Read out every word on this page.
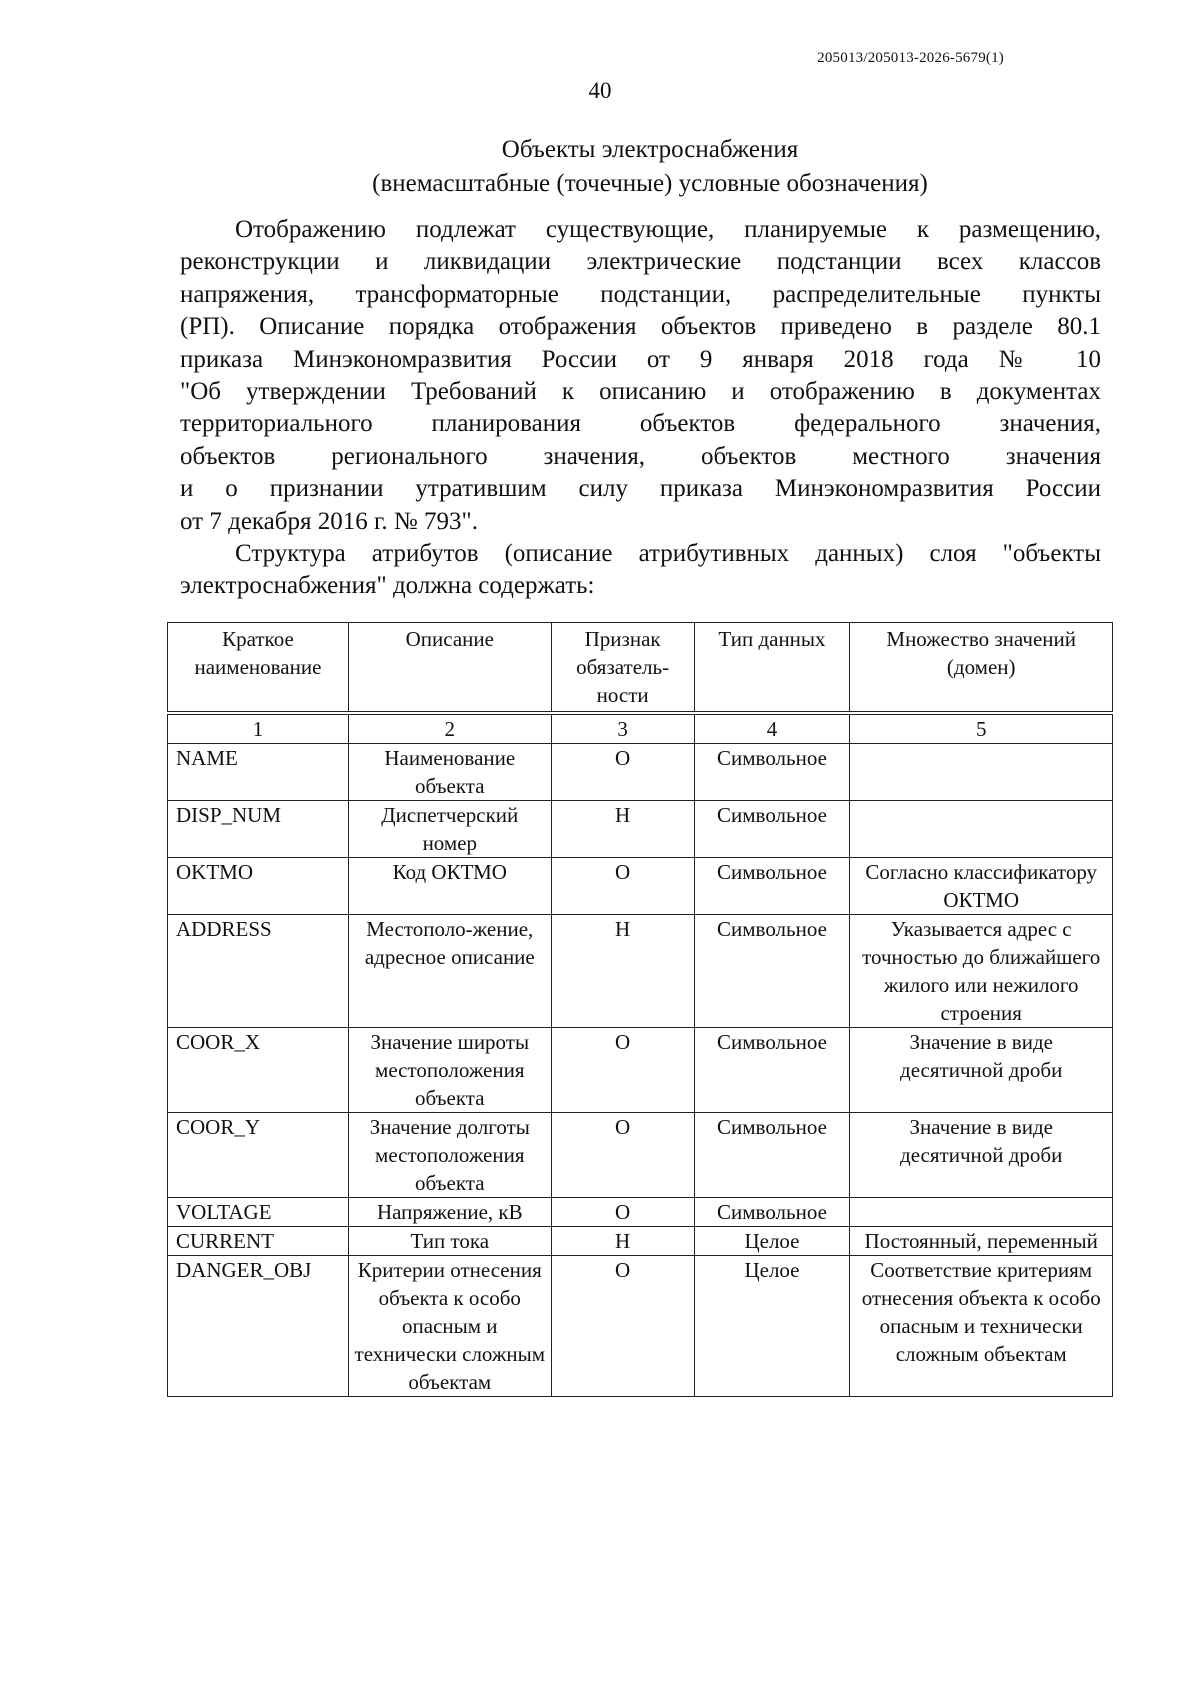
205013/205013-2026-5679(1)
40
Объекты электроснабжения
(внемасштабные (точечные) условные обозначения)

Отображению подлежат существующие, планируемые к размещению,
реконструкции и ликвидации электрические подстанции всех классов
напряжения, трансформаторные подстанции, распределительные пункты
(РП). Описание порядка отображения объектов приведено в разделе 80.1
приказа Минэкономразвития России от 9 января 2018 года № 10
"Об утверждении Требований к описанию и отображению в документах
территориального планирования объектов федерального значения,
объектов регионального значения, объектов местного значения
и о признании утратившим силу приказа Минэкономразвития России
от 7 декабря 2016 г. № 793".

Структура атрибутов (описание атрибутивных данных) слоя "объекты
электроснабжения" должна содержать:

Краткое наименование	Описание	Признак обязатель-ности	Тип данных	Множество значений (домен)
1	2	3	4	5
NAME	Наименование объекта	О	Символьное	
DISP_NUM	Диспетчерский номер	Н	Символьное	
OKTMO	Код ОКТМО	О	Символьное	Согласно классификатору ОКТМО
ADDRESS	Местополо-жение, адресное описание	Н	Символьное	Указывается адрес с точностью до ближайшего жилого или нежилого строения
COOR_X	Значение широты местоположения объекта	О	Символьное	Значение в виде десятичной дроби
COOR_Y	Значение долготы местоположения объекта	О	Символьное	Значение в виде десятичной дроби
VOLTAGE	Напряжение, кВ	О	Символьное	
CURRENT	Тип тока	Н	Целое	Постоянный, переменный
DANGER_OBJ	Критерии отнесения объекта к особо опасным и технически сложным объектам	О	Целое	Соответствие критериям отнесения объекта к особо опасным и технически сложным объектам
